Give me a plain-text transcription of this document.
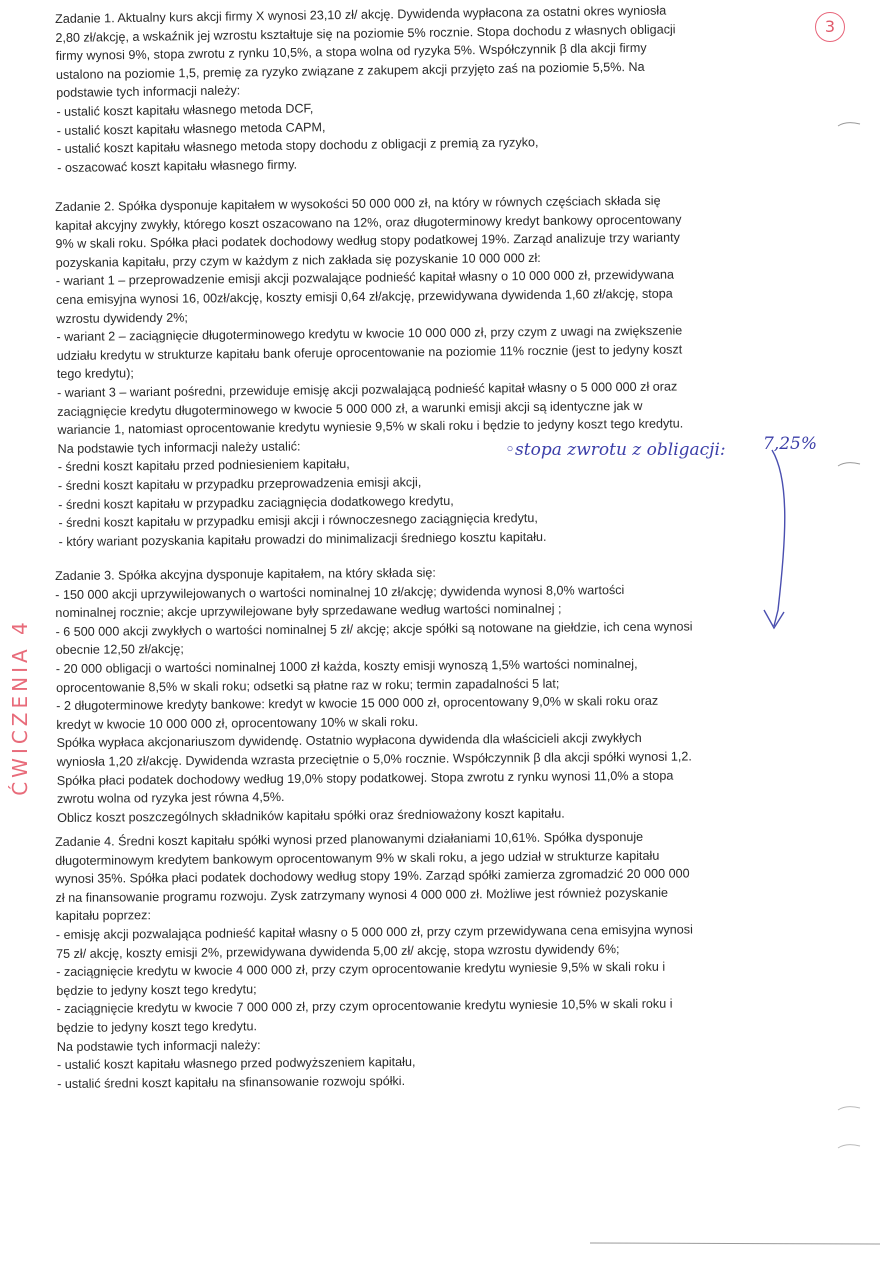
3
ĆWICZENIA 4

Zadanie 1. Aktualny kurs akcji firmy X wynosi 23,10 zł/ akcję. Dywidenda wypłacona za ostatni okres wyniosła
2,80 zł/akcję, a wskaźnik jej wzrostu kształtuje się na poziomie 5% rocznie. Stopa dochodu z własnych obligacji
firmy wynosi 9%, stopa zwrotu z rynku 10,5%, a stopa wolna od ryzyka 5%. Współczynnik β dla akcji firmy
ustalono na poziomie 1,5, premię za ryzyko związane z zakupem akcji przyjęto zaś na poziomie 5,5%. Na
podstawie tych informacji należy:
- ustalić koszt kapitału własnego metoda DCF,
- ustalić koszt kapitału własnego metoda CAPM,
- ustalić koszt kapitału własnego metoda stopy dochodu z obligacji z premią za ryzyko,
- oszacować koszt kapitału własnego firmy.

Zadanie 2. Spółka dysponuje kapitałem w wysokości 50 000 000 zł, na który w równych częściach składa się
kapitał akcyjny zwykły, którego koszt oszacowano na 12%, oraz długoterminowy kredyt bankowy oprocentowany
9% w skali roku. Spółka płaci podatek dochodowy według stopy podatkowej 19%. Zarząd analizuje trzy warianty
pozyskania kapitału, przy czym w każdym z nich zakłada się pozyskanie 10 000 000 zł:
- wariant 1 – przeprowadzenie emisji akcji pozwalające podnieść kapitał własny o 10 000 000 zł, przewidywana
cena emisyjna wynosi 16, 00zł/akcję, koszty emisji 0,64 zł/akcję, przewidywana dywidenda 1,60 zł/akcję, stopa
wzrostu dywidendy 2%;
- wariant 2 – zaciągnięcie długoterminowego kredytu w kwocie 10 000 000 zł, przy czym z uwagi na zwiększenie
udziału kredytu w strukturze kapitału bank oferuje oprocentowanie na poziomie 11% rocznie (jest to jedyny koszt
tego kredytu);
- wariant 3 – wariant pośredni, przewiduje emisję akcji pozwalającą podnieść kapitał własny o 5 000 000 zł oraz
zaciągnięcie kredytu długoterminowego w kwocie 5 000 000 zł, a warunki emisji akcji są identyczne jak w
wariancie 1, natomiast oprocentowanie kredytu wyniesie 9,5% w skali roku i będzie to jedyny koszt tego kredytu.
Na podstawie tych informacji należy ustalić:
- średni koszt kapitału przed podniesieniem kapitału,
- średni koszt kapitału w przypadku przeprowadzenia emisji akcji,
- średni koszt kapitału w przypadku zaciągnięcia dodatkowego kredytu,
- średni koszt kapitału w przypadku emisji akcji i równoczesnego zaciągnięcia kredytu,
- który wariant pozyskania kapitału prowadzi do minimalizacji średniego kosztu kapitału.

◦stopa zwrotu z obligacji: 7,25%

Zadanie 3. Spółka akcyjna dysponuje kapitałem, na który składa się:
- 150 000 akcji uprzywilejowanych o wartości nominalnej 10 zł/akcję; dywidenda wynosi 8,0% wartości
nominalnej rocznie; akcje uprzywilejowane były sprzedawane według wartości nominalnej ;
- 6 500 000 akcji zwykłych o wartości nominalnej 5 zł/ akcję; akcje spółki są notowane na giełdzie, ich cena wynosi
obecnie 12,50 zł/akcję;
- 20 000 obligacji o wartości nominalnej 1000 zł każda, koszty emisji wynoszą 1,5% wartości nominalnej,
oprocentowanie 8,5% w skali roku; odsetki są płatne raz w roku; termin zapadalności 5 lat;
- 2 długoterminowe kredyty bankowe: kredyt w kwocie 15 000 000 zł, oprocentowany 9,0% w skali roku oraz
kredyt w kwocie 10 000 000 zł, oprocentowany 10% w skali roku.
Spółka wypłaca akcjonariuszom dywidendę. Ostatnio wypłacona dywidenda dla właścicieli akcji zwykłych
wyniosła 1,20 zł/akcję. Dywidenda wzrasta przeciętnie o 5,0% rocznie. Współczynnik β dla akcji spółki wynosi 1,2.
Spółka płaci podatek dochodowy według 19,0% stopy podatkowej. Stopa zwrotu z rynku wynosi 11,0% a stopa
zwrotu wolna od ryzyka jest równa 4,5%.
Oblicz koszt poszczególnych składników kapitału spółki oraz średnioważony koszt kapitału.

Zadanie 4. Średni koszt kapitału spółki wynosi przed planowanymi działaniami 10,61%. Spółka dysponuje
długoterminowym kredytem bankowym oprocentowanym 9% w skali roku, a jego udział w strukturze kapitału
wynosi 35%. Spółka płaci podatek dochodowy według stopy 19%. Zarząd spółki zamierza zgromadzić 20 000 000
zł na finansowanie programu rozwoju. Zysk zatrzymany wynosi 4 000 000 zł. Możliwe jest również pozyskanie
kapitału poprzez:
- emisję akcji pozwalająca podnieść kapitał własny o 5 000 000 zł, przy czym przewidywana cena emisyjna wynosi
75 zł/ akcję, koszty emisji 2%, przewidywana dywidenda 5,00 zł/ akcję, stopa wzrostu dywidendy 6%;
- zaciągnięcie kredytu w kwocie 4 000 000 zł, przy czym oprocentowanie kredytu wyniesie 9,5% w skali roku i
będzie to jedyny koszt tego kredytu;
- zaciągnięcie kredytu w kwocie 7 000 000 zł, przy czym oprocentowanie kredytu wyniesie 10,5% w skali roku i
będzie to jedyny koszt tego kredytu.
Na podstawie tych informacji należy:
- ustalić koszt kapitału własnego przed podwyższeniem kapitału,
- ustalić średni koszt kapitału na sfinansowanie rozwoju spółki.
